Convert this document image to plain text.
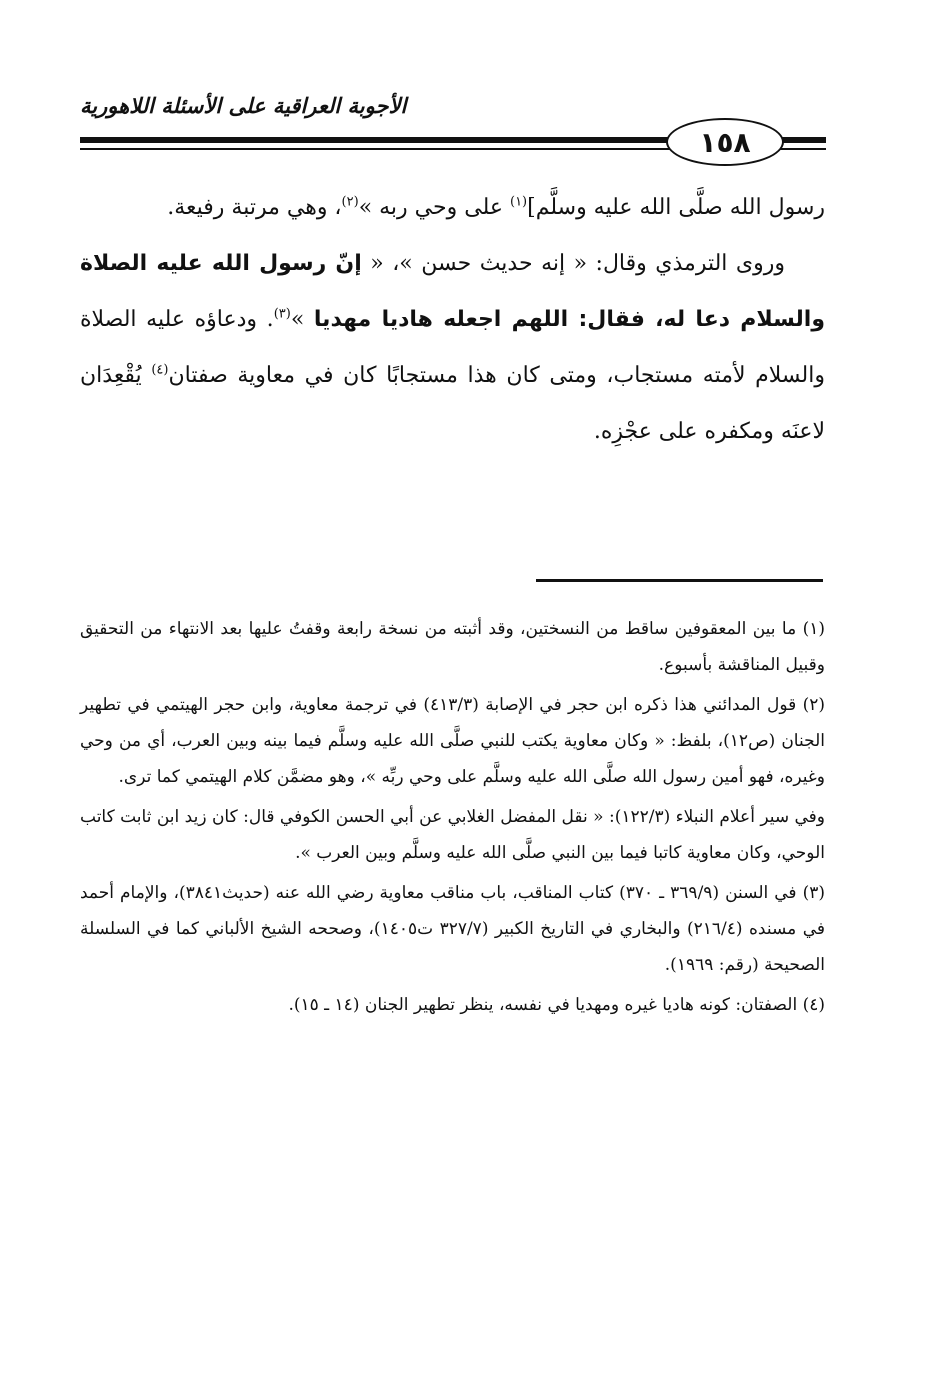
الأجوبة العراقية على الأسئلة اللاهورية
١٥٨

رسول الله صلَّى الله عليه وسلَّم]$^{(١)}$ على وحي ربه »$^{(٢)}$، وهي مرتبة رفيعة.

وروى الترمذي وقال: « إنه حديث حسن »، « إنّ رسول الله عليه الصلاة والسلام دعا له، فقال: اللهم اجعله هاديا مهديا »$^{(٣)}$. ودعاؤه عليه الصلاة والسلام لأمته مستجاب، ومتى كان هذا مستجابًا كان في معاوية صفتان$^{(٤)}$ يُقْعِدَان لاعنَه ومكفره على عجْزِه.

(١) ما بين المعقوفين ساقط من النسختين، وقد أثبته من نسخة رابعة وقفتُ عليها بعد الانتهاء من التحقيق وقبيل المناقشة بأسبوع.

(٢) قول المدائني هذا ذكره ابن حجر في الإصابة (٤١٣/٣) في ترجمة معاوية، وابن حجر الهيتمي في تطهير الجنان (ص١٢)، بلفظ: « وكان معاوية يكتب للنبي صلَّى الله عليه وسلَّم فيما بينه وبين العرب، أي من وحي وغيره، فهو أمين رسول الله صلَّى الله عليه وسلَّم على وحي ربِّه »، وهو مضمَّن كلام الهيتمي كما ترى.

وفي سير أعلام النبلاء (١٢٢/٣): « نقل المفضل الغلابي عن أبي الحسن الكوفي قال: كان زيد ابن ثابت كاتب الوحي، وكان معاوية كاتبا فيما بين النبي صلَّى الله عليه وسلَّم وبين العرب ».

(٣) في السنن (٣٦٩/٩ ـ ٣٧٠) كتاب المناقب، باب مناقب معاوية رضي الله عنه (حديث٣٨٤١)، والإمام أحمد في مسنده (٢١٦/٤) والبخاري في التاريخ الكبير (٣٢٧/٧ ت١٤٠٥)، وصححه الشيخ الألباني كما في السلسلة الصحيحة (رقم: ١٩٦٩).

(٤) الصفتان: كونه هاديا غيره ومهديا في نفسه، ينظر تطهير الجنان (١٤ ـ ١٥).
